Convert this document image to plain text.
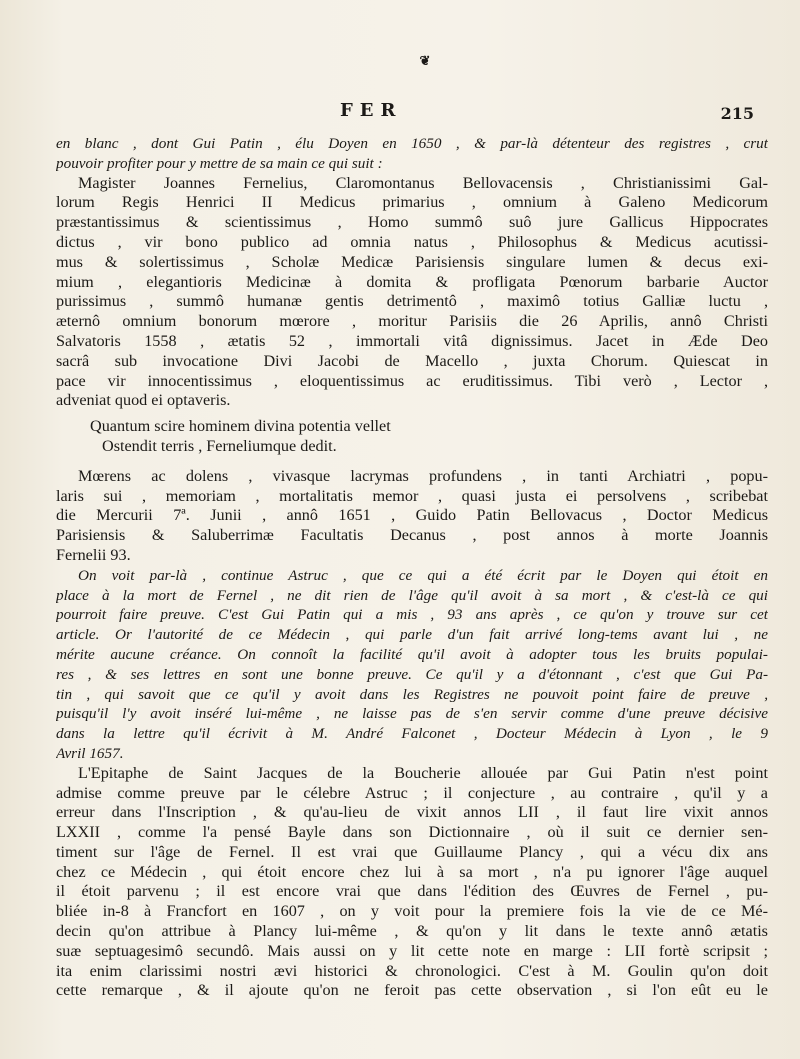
❦
FER	215
en blanc , dont Gui Patin , élu Doyen en 1650 , & par-là détenteur des registres , crut
pouvoir profiter pour y mettre de sa main ce qui suit :
Magister Joannes Fernelius, Claromontanus Bellovacensis , Christianissimi Gal-
lorum Regis Henrici II Medicus primarius , omnium à Galeno Medicorum
præstantissimus & scientissimus , Homo summô suô jure Gallicus Hippocrates
dictus , vir bono publico ad omnia natus , Philosophus & Medicus acutissi-
mus & solertissimus , Scholæ Medicæ Parisiensis singulare lumen & decus exi-
mium , elegantioris Medicinæ à domita & profligata Pœnorum barbarie Auctor
purissimus , summô humanæ gentis detrimentô , maximô totius Galliæ luctu ,
æternô omnium bonorum mœrore , moritur Parisiis die 26 Aprilis, annô Christi
Salvatoris 1558 , ætatis 52 , immortali vitâ dignissimus. Jacet in Æde Deo
sacrâ sub invocatione Divi Jacobi de Macello , juxta Chorum. Quiescat in
pace vir innocentissimus , eloquentissimus ac eruditissimus. Tibi verò , Lector ,
adveniat quod ei optaveris.
Quantum scire hominem divina potentia vellet
Ostendit terris , Ferneliumque dedit.
Mœrens ac dolens , vivasque lacrymas profundens , in tanti Archiatri , popu-
laris sui , memoriam , mortalitatis memor , quasi justa ei persolvens , scribebat
die Mercurii 7ª. Junii , annô 1651 , Guido Patin Bellovacus , Doctor Medicus
Parisiensis & Saluberrimæ Facultatis Decanus , post annos à morte Joannis
Fernelii 93.
On voit par-là , continue Astruc , que ce qui a été écrit par le Doyen qui étoit en
place à la mort de Fernel , ne dit rien de l'âge qu'il avoit à sa mort , & c'est-là ce qui
pourroit faire preuve. C'est Gui Patin qui a mis , 93 ans après , ce qu'on y trouve sur cet
article. Or l'autorité de ce Médecin , qui parle d'un fait arrivé long-tems avant lui , ne
mérite aucune créance. On connoît la facilité qu'il avoit à adopter tous les bruits populai-
res , & ses lettres en sont une bonne preuve. Ce qu'il y a d'étonnant , c'est que Gui Pa-
tin , qui savoit que ce qu'il y avoit dans les Registres ne pouvoit point faire de preuve ,
puisqu'il l'y avoit inséré lui-même , ne laisse pas de s'en servir comme d'une preuve décisive
dans la lettre qu'il écrivit à M. André Falconet , Docteur Médecin à Lyon , le 9
Avril 1657.
L'Epitaphe de Saint Jacques de la Boucherie allouée par Gui Patin n'est point
admise comme preuve par le célebre Astruc ; il conjecture , au contraire , qu'il y a
erreur dans l'Inscription , & qu'au-lieu de vixit annos LII , il faut lire vixit annos
LXXII , comme l'a pensé Bayle dans son Dictionnaire , où il suit ce dernier sen-
timent sur l'âge de Fernel. Il est vrai que Guillaume Plancy , qui a vécu dix ans
chez ce Médecin , qui étoit encore chez lui à sa mort , n'a pu ignorer l'âge auquel
il étoit parvenu ; il est encore vrai que dans l'édition des Œuvres de Fernel , pu-
bliée in-8 à Francfort en 1607 , on y voit pour la premiere fois la vie de ce Mé-
decin qu'on attribue à Plancy lui-même , & qu'on y lit dans le texte annô ætatis
suæ septuagesimô secundô. Mais aussi on y lit cette note en marge : LII fortè scripsit ;
ita enim clarissimi nostri ævi historici & chronologici. C'est à M. Goulin qu'on doit
cette remarque , & il ajoute qu'on ne feroit pas cette observation , si l'on eût eu le
